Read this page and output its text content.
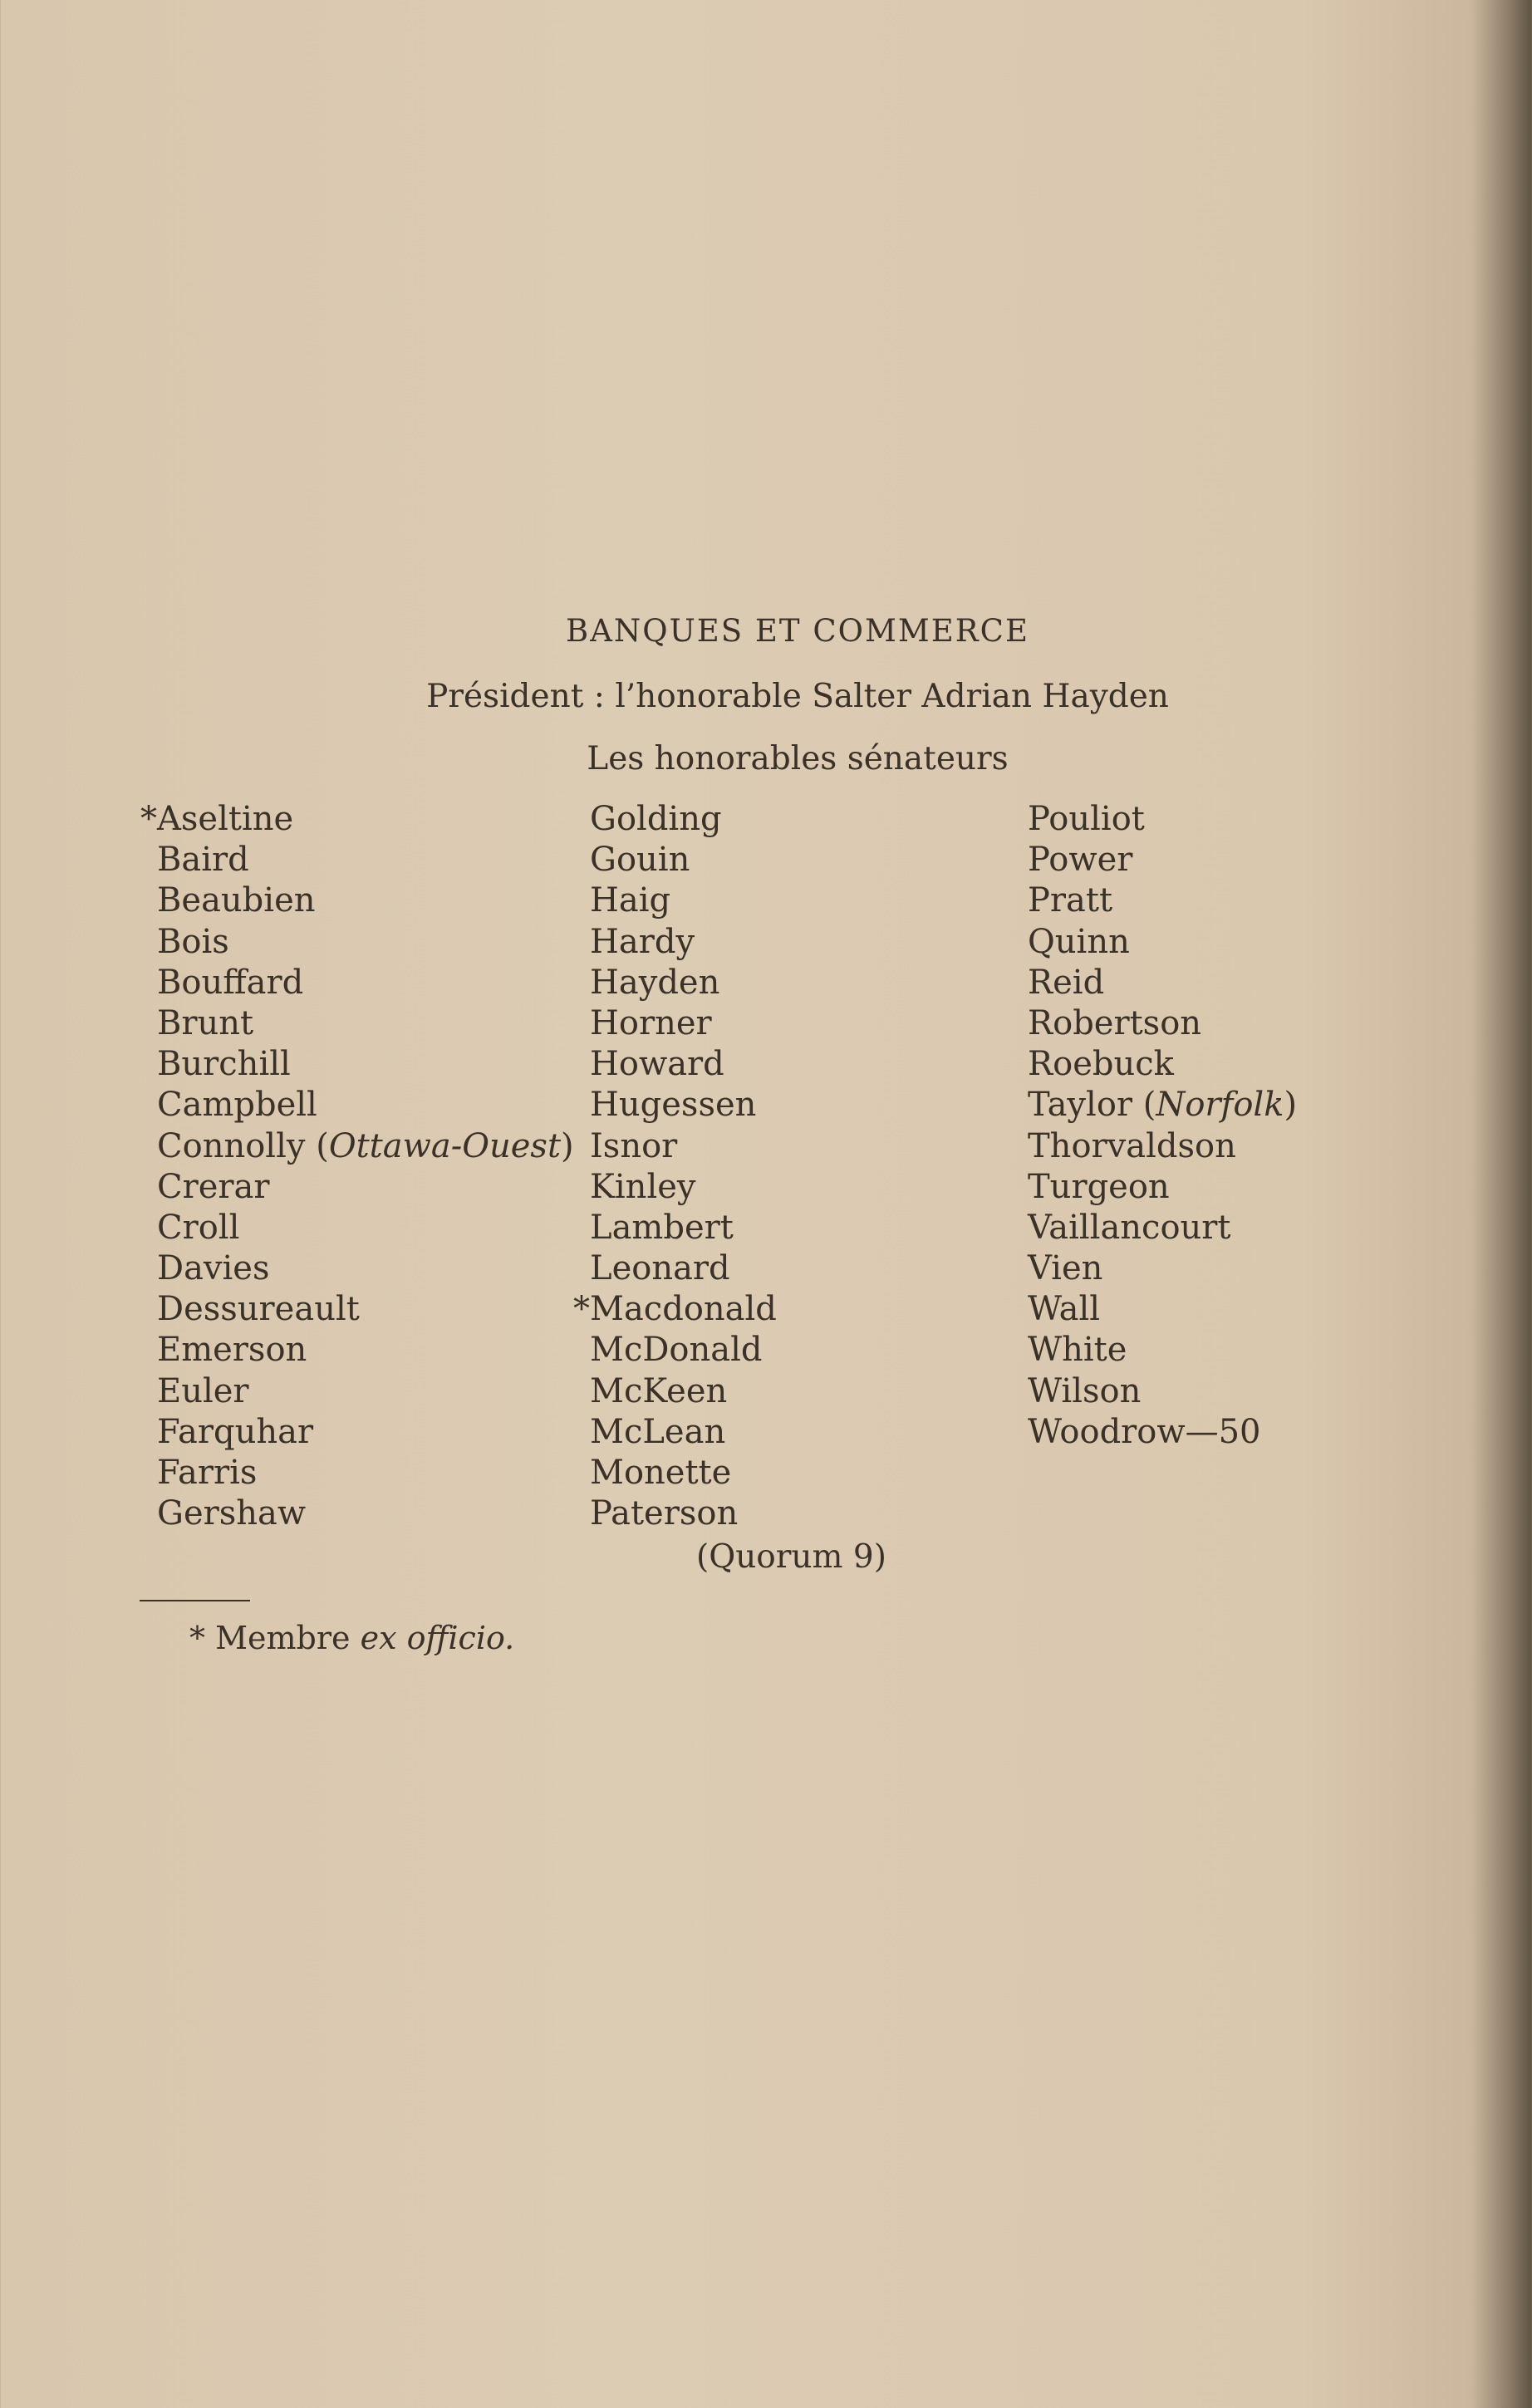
BANQUES ET COMMERCE
Président : l’honorable Salter Adrian Hayden
Les honorables sénateurs
*Aseltine
Baird
Beaubien
Bois
Bouffard
Brunt
Burchill
Campbell
Connolly (Ottawa-Ouest)
Crerar
Croll
Davies
Dessureault
Emerson
Euler
Farquhar
Farris
Gershaw
Golding
Gouin
Haig
Hardy
Hayden
Horner
Howard
Hugessen
Isnor
Kinley
Lambert
Leonard
*Macdonald
McDonald
McKeen
McLean
Monette
Paterson
Pouliot
Power
Pratt
Quinn
Reid
Robertson
Roebuck
Taylor (Norfolk)
Thorvaldson
Turgeon
Vaillancourt
Vien
Wall
White
Wilson
Woodrow—50
(Quorum 9)
* Membre ex officio.
